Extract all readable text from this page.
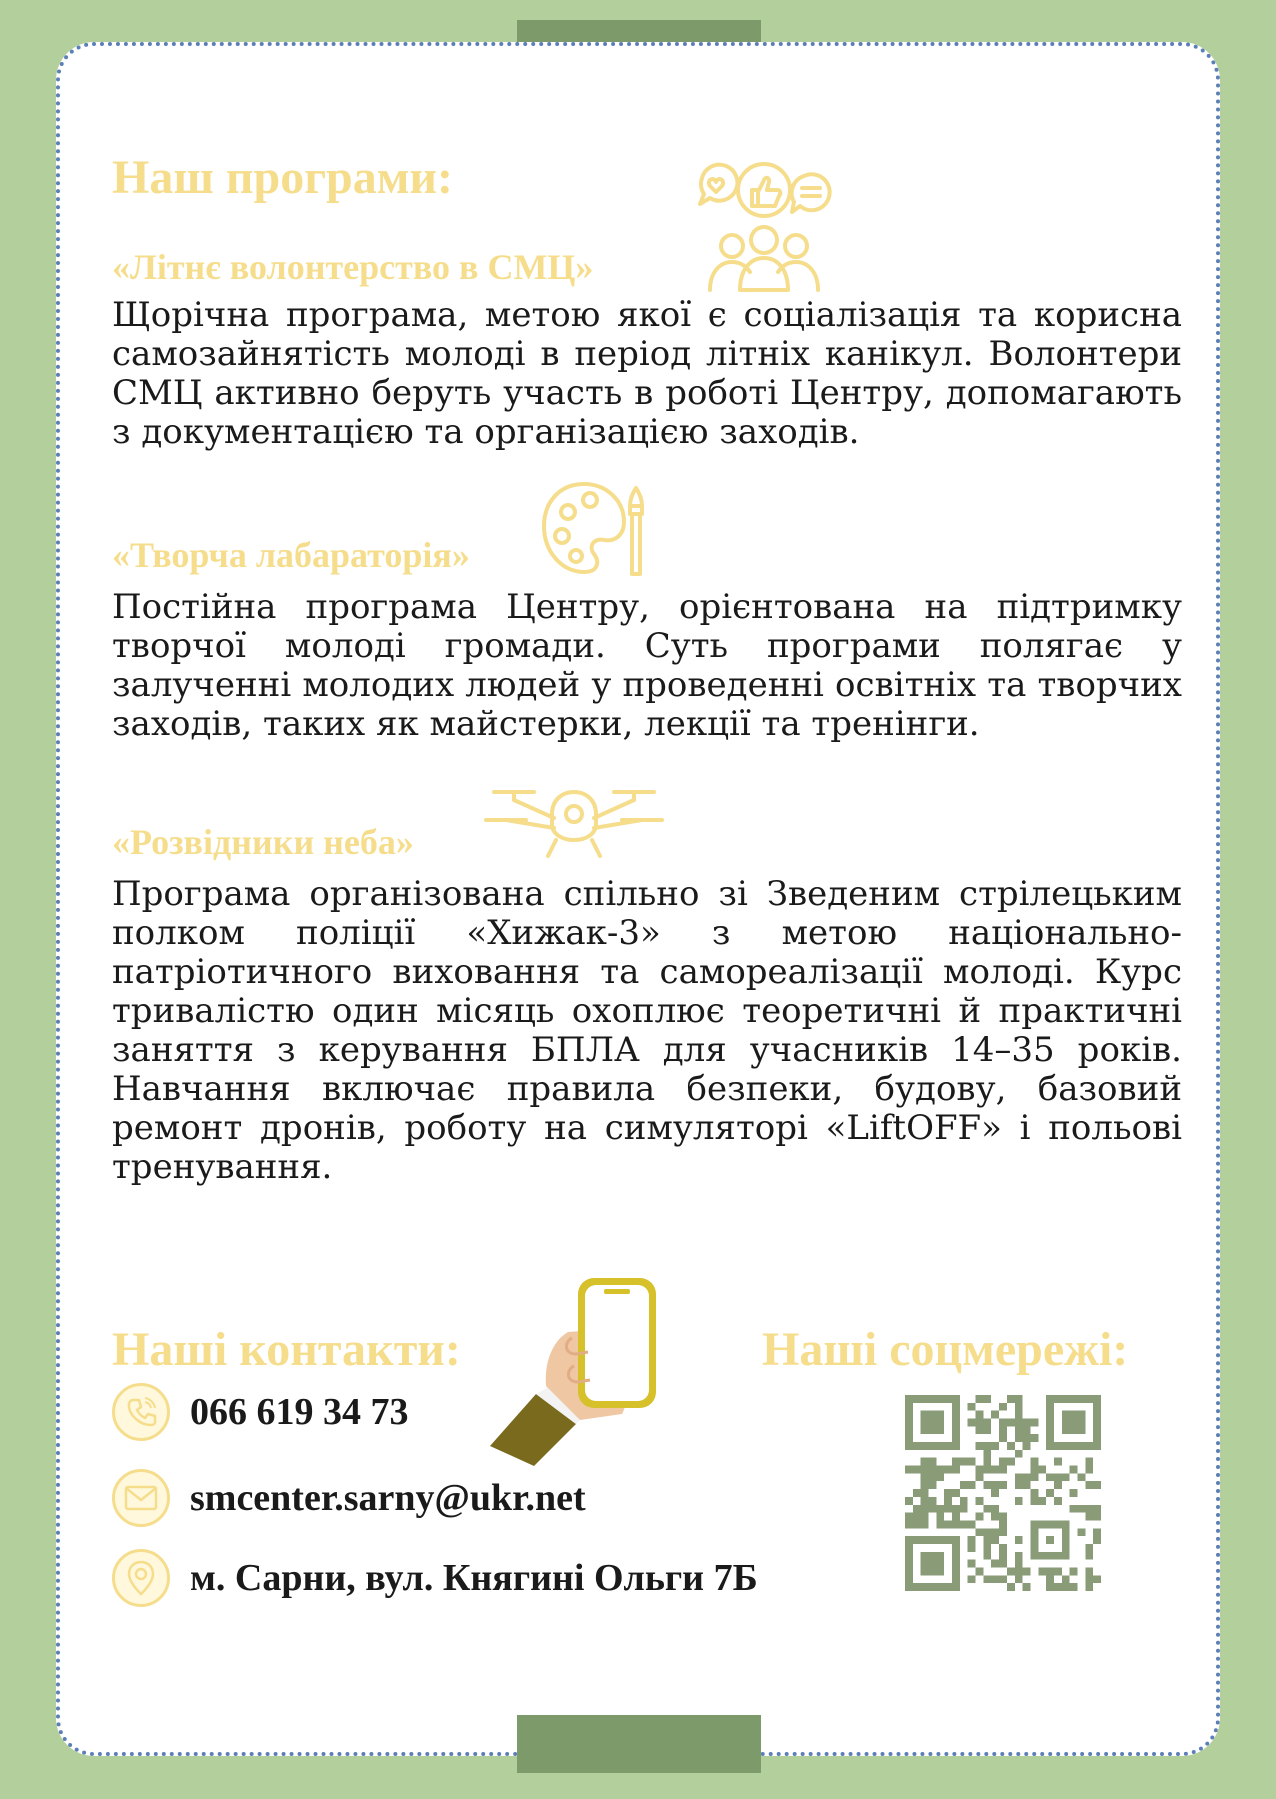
Наш програми:
«Літнє волонтерство в СМЦ»

Щорічна програма, метою якої є соціалізація та корисна самозайнятість молоді в період літніх канікул. Волонтери СМЦ активно беруть участь в роботі Центру, допомагають з документацією та організацією заходів.

«Творча лабараторія»

Постійна програма Центру, орієнтована на підтримку творчої молоді громади. Суть програми полягає у залученні молодих людей у проведенні освітніх та творчих заходів, таких як майстерки, лекції та тренінги.

«Розвідники неба»

Програма організована спільно зі Зведеним стрілецьким полком поліції «Хижак-3» з метою національно-патріотичного виховання та самореалізації молоді. Курс тривалістю один місяць охоплює теоретичні й практичні заняття з керування БПЛА для учасників 14–35 років. Навчання включає правила безпеки, будову, базовий ремонт дронів, роботу на симуляторі «LiftOFF» і польові тренування.

Наші контакти:
066 619 34 73
smcenter.sarny@ukr.net
м. Сарни, вул. Княгині Ольги 7Б
Наші соцмережі:
